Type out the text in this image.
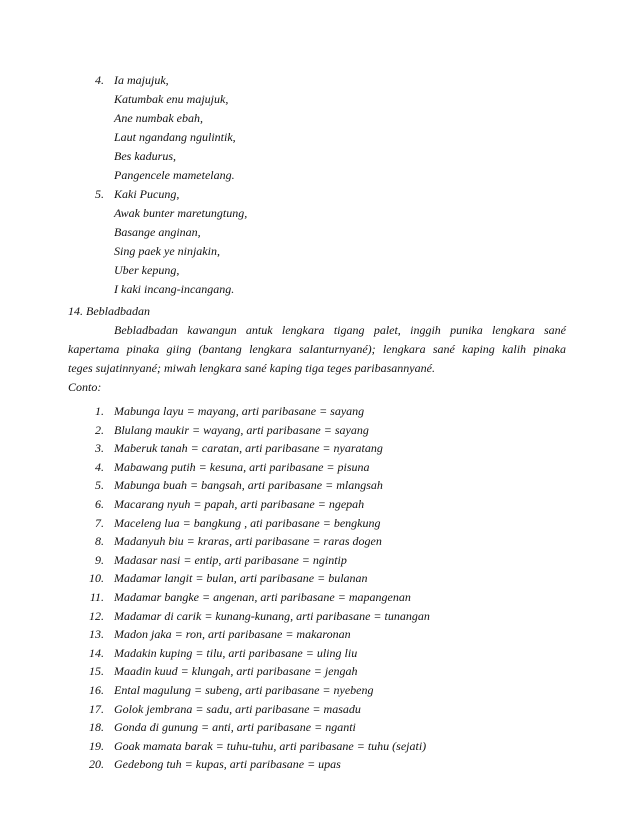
4. Ia majujuk,
Katumbak enu majujuk,
Ane numbak ebah,
Laut ngandang ngulintik,
Bes kadurus,
Pangencele mametelang.
5. Kaki Pucung,
Awak bunter maretungtung,
Basange anginan,
Sing paek ye ninjakin,
Uber kepung,
I kaki incang-incangang.
14. Bebladbadan
Bebladbadan kawangun antuk lengkara tigang palet, inggih punika lengkara sané
kapertama pinaka giing (bantang lengkara salanturnyané); lengkara sané kaping kalih pinaka
teges sujatinnyané; miwah lengkara sané kaping tiga teges paribasannyané.
Conto:
1. Mabunga layu = mayang, arti paribasane = sayang
2. Blulang maukir = wayang, arti paribasane = sayang
3. Maberuk tanah = caratan, arti paribasane = nyaratang
4. Mabawang putih = kesuna, arti paribasane = pisuna
5. Mabunga buah = bangsah, arti paribasane = mlangsah
6. Macarang nyuh = papah, arti paribasane = ngepah
7. Maceleng lua = bangkung , ati paribasane = bengkung
8. Madanyuh biu = kraras, arti paribasane = raras dogen
9. Madasar nasi = entip, arti paribasane = ngintip
10. Madamar langit = bulan, arti paribasane = bulanan
11. Madamar bangke = angenan, arti paribasane = mapangenan
12. Madamar di carik = kunang-kunang, arti paribasane = tunangan
13. Madon jaka = ron, arti paribasane = makaronan
14. Madakin kuping = tilu, arti paribasane = uling liu
15. Maadin kuud = klungah, arti paribasane = jengah
16. Ental magulung = subeng, arti paribasane = nyebeng
17. Golok jembrana = sadu, arti paribasane = masadu
18. Gonda di gunung = anti, arti paribasane = nganti
19. Goak mamata barak = tuhu-tuhu, arti paribasane = tuhu (sejati)
20. Gedebong tuh = kupas, arti paribasane = upas
